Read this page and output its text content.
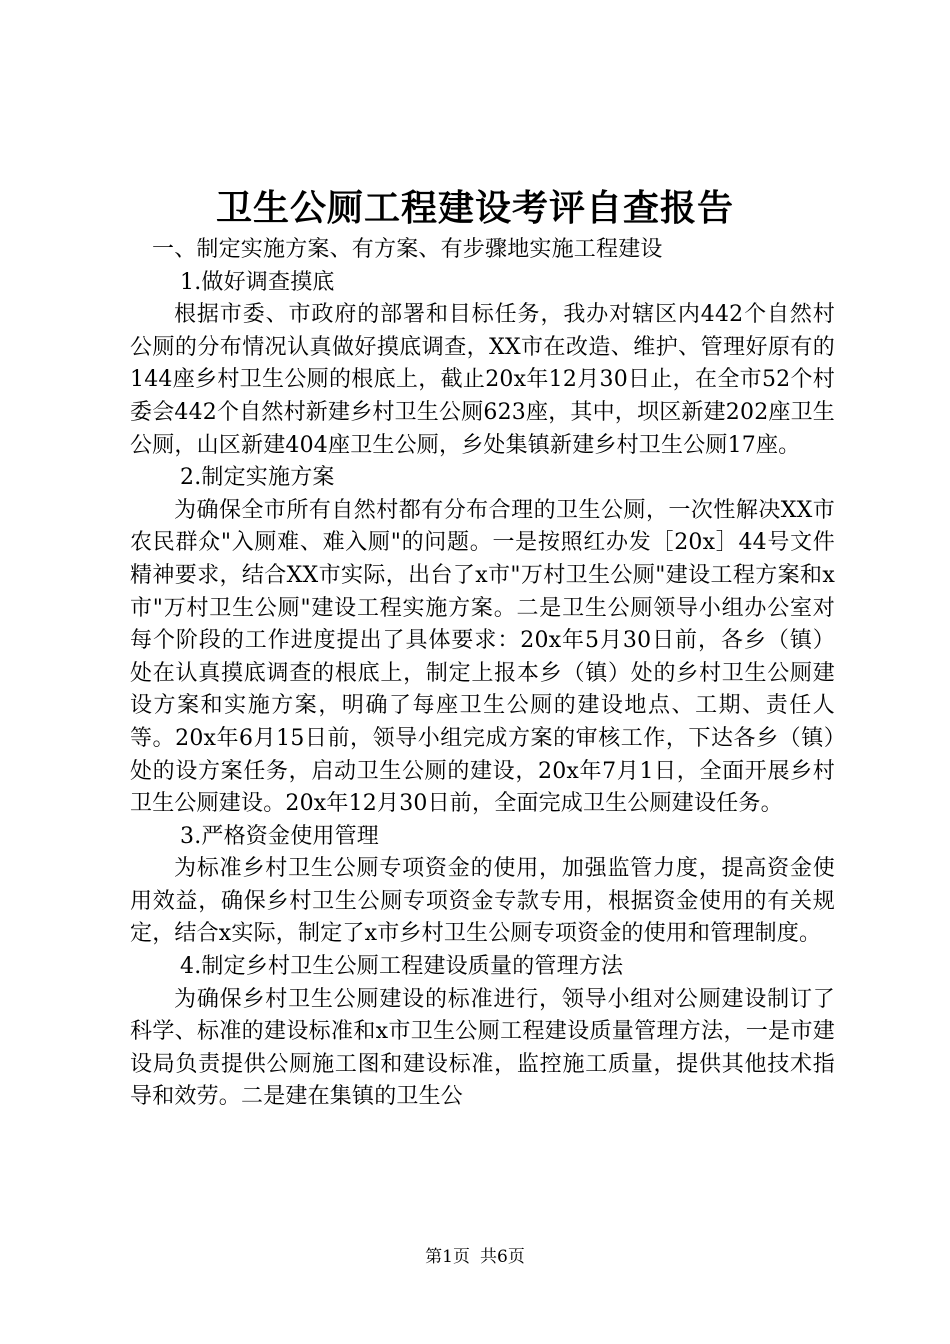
卫生公厕工程建设考评自查报告

一、制定实施方案、有方案、有步骤地实施工程建设

1.做好调查摸底

根据市委、市政府的部署和目标任务，我办对辖区内442个自然村公厕的分布情况认真做好摸底调查，XX市在改造、维护、管理好原有的144座乡村卫生公厕的根底上，截止20x年12月30日止，在全市52个村委会442个自然村新建乡村卫生公厕623座，其中，坝区新建202座卫生公厕，山区新建404座卫生公厕，乡处集镇新建乡村卫生公厕17座。

2.制定实施方案

为确保全市所有自然村都有分布合理的卫生公厕，一次性解决XX市农民群众"入厕难、难入厕"的问题。一是按照红办发［20x］44号文件精神要求，结合XX市实际，出台了x市"万村卫生公厕"建设工程方案和x市"万村卫生公厕"建设工程实施方案。二是卫生公厕领导小组办公室对每个阶段的工作进度提出了具体要求：20x年5月30日前，各乡（镇）处在认真摸底调查的根底上，制定上报本乡（镇）处的乡村卫生公厕建设方案和实施方案，明确了每座卫生公厕的建设地点、工期、责任人等。20x年6月15日前，领导小组完成方案的审核工作，下达各乡（镇）处的设方案任务，启动卫生公厕的建设，20x年7月1日，全面开展乡村卫生公厕建设。20x年12月30日前，全面完成卫生公厕建设任务。

3.严格资金使用管理

为标准乡村卫生公厕专项资金的使用，加强监管力度，提高资金使用效益，确保乡村卫生公厕专项资金专款专用，根据资金使用的有关规定，结合x实际，制定了x市乡村卫生公厕专项资金的使用和管理制度。

4.制定乡村卫生公厕工程建设质量的管理方法

为确保乡村卫生公厕建设的标准进行，领导小组对公厕建设制订了科学、标准的建设标准和x市卫生公厕工程建设质量管理方法，一是市建设局负责提供公厕施工图和建设标准，监控施工质量，提供其他技术指导和效劳。二是建在集镇的卫生公

第1页 共6页
